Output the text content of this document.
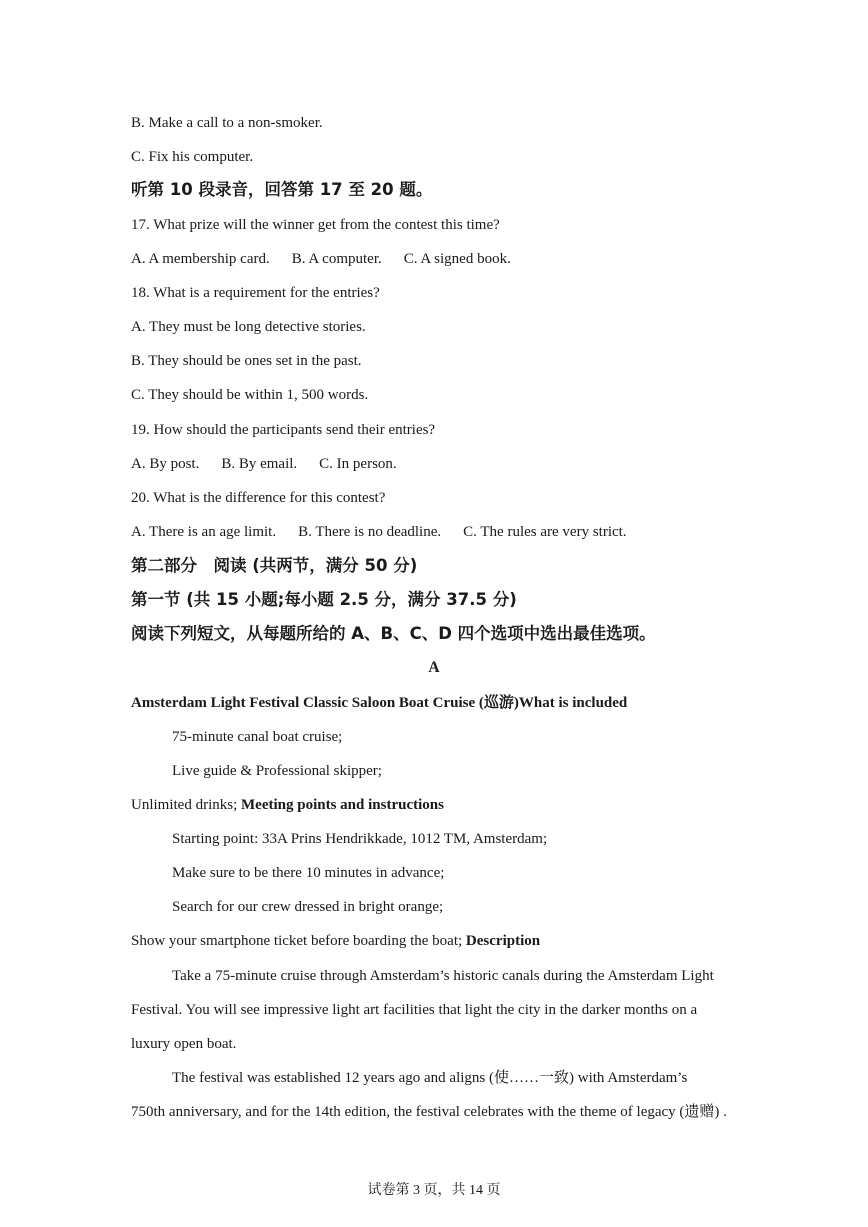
B. Make a call to a non-smoker.
C. Fix his computer.
听第 10 段录音，回答第 17 至 20 题。
17. What prize will the winner get from the contest this time?
A. A membership card. B. A computer. C. A signed book.
18. What is a requirement for the entries?
A. They must be long detective stories.
B. They should be ones set in the past.
C. They should be within 1, 500 words.
19. How should the participants send their entries?
A. By post. B. By email. C. In person.
20. What is the difference for this contest?
A. There is an age limit. B. There is no deadline. C. The rules are very strict.
第二部分　阅读 (共两节，满分 50 分)
第一节 (共 15 小题;每小题 2.5 分，满分 37.5 分)
阅读下列短文，从每题所给的 A、B、C、D 四个选项中选出最佳选项。
A
Amsterdam Light Festival Classic Saloon Boat Cruise (巡游)What is included
75-minute canal boat cruise;
Live guide & Professional skipper;
Unlimited drinks; Meeting points and instructions
Starting point: 33A Prins Hendrikkade, 1012 TM, Amsterdam;
Make sure to be there 10 minutes in advance;
Search for our crew dressed in bright orange;
Show your smartphone ticket before boarding the boat; Description
Take a 75-minute cruise through Amsterdam’s historic canals during the Amsterdam Light
Festival. You will see impressive light art facilities that light the city in the darker months on a
luxury open boat.
The festival was established 12 years ago and aligns (使……一致) with Amsterdam’s
750th anniversary, and for the 14th edition, the festival celebrates with the theme of legacy (遗赠) .
试卷第 3 页，共 14 页
